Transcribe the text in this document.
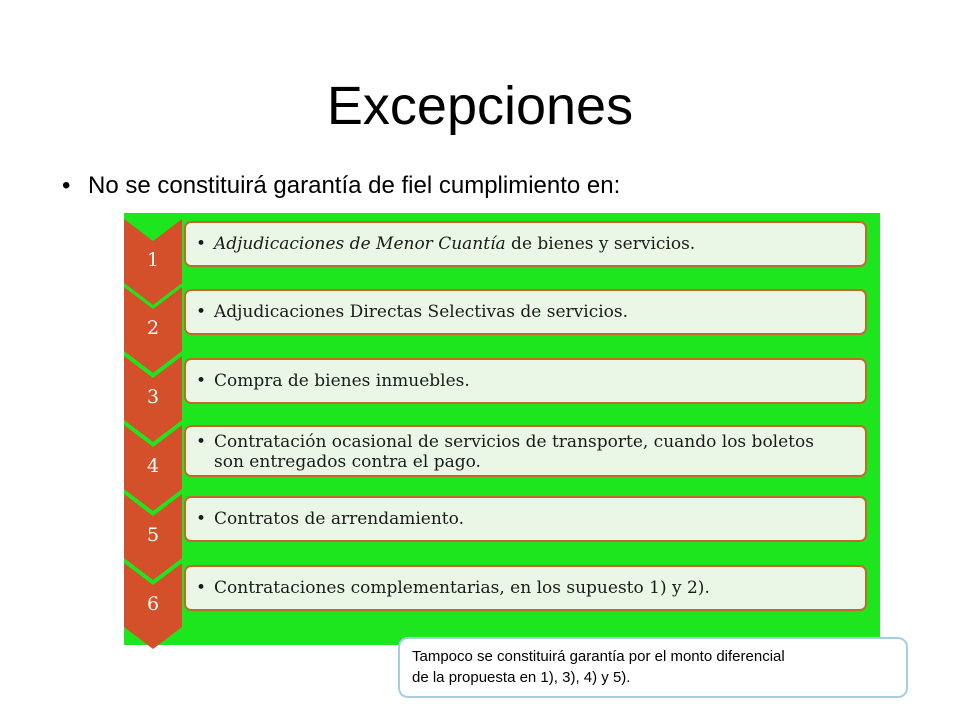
Excepciones
• No se constituirá garantía de fiel cumplimiento en:
1
• Adjudicaciones de Menor Cuantía de bienes y servicios.
2
• Adjudicaciones Directas Selectivas de servicios.
3
• Compra de bienes inmuebles.
4
• Contratación ocasional de servicios de transporte, cuando los boletos
son entregados contra el pago.
5
• Contratos de arrendamiento.
6
• Contrataciones complementarias, en los supuesto 1) y 2).
Tampoco se constituirá garantía por el monto diferencial
de la propuesta en 1), 3), 4) y 5).
